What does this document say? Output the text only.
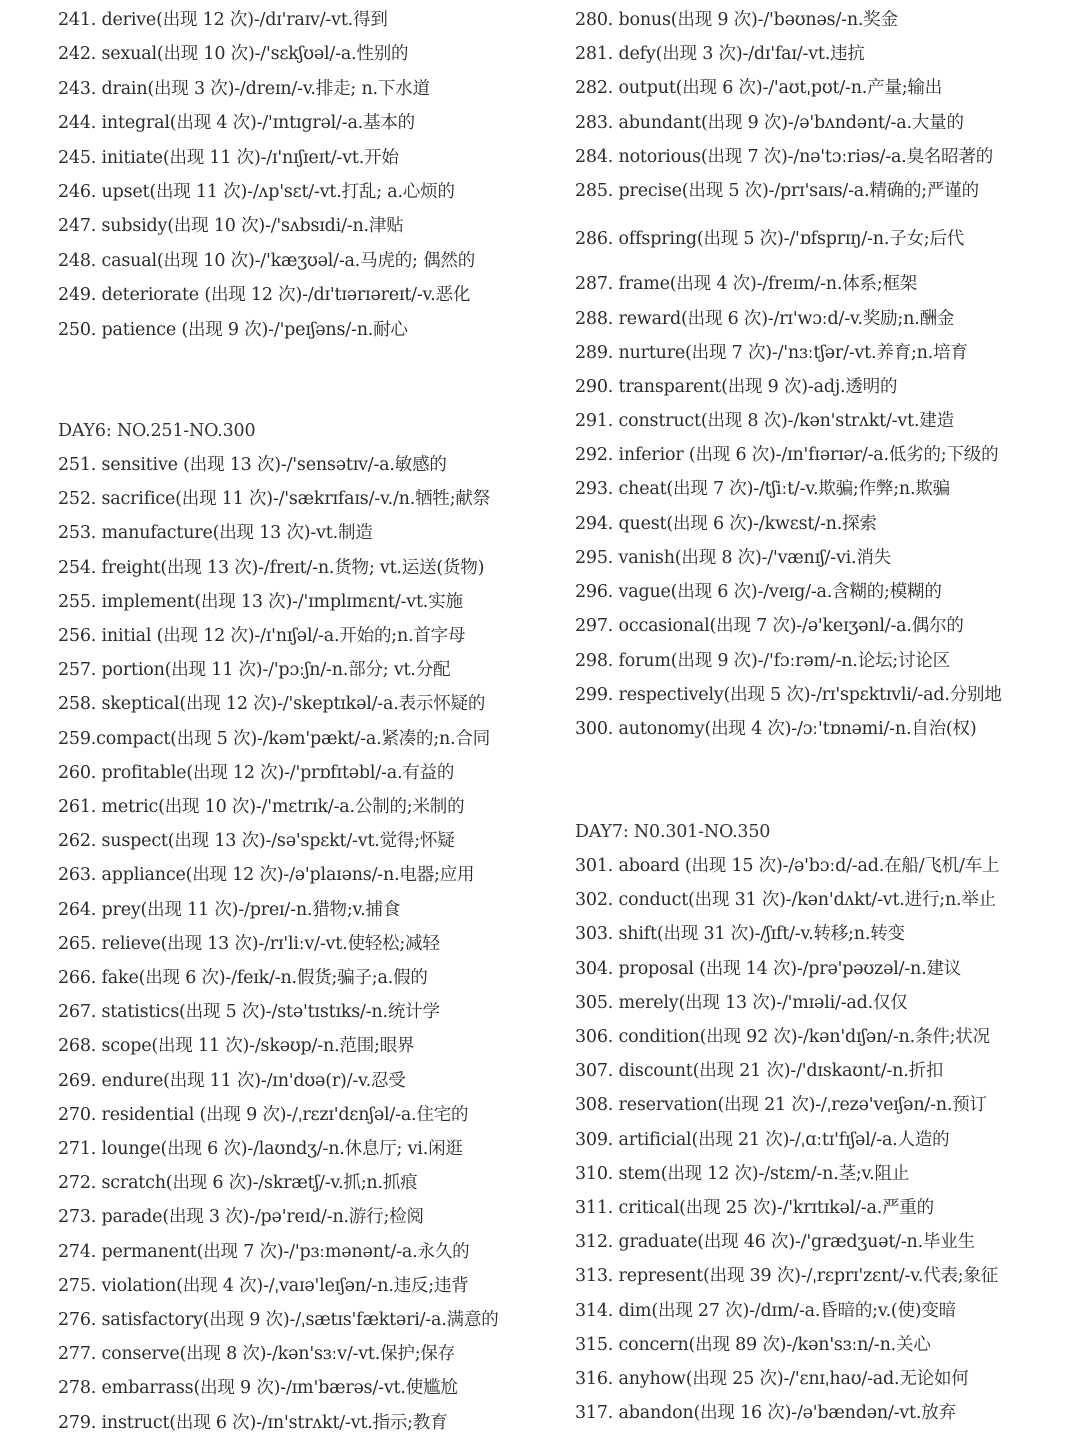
241. derive(出现 12 次)-/dɪ'raɪv/-vt.得到
242. sexual(出现 10 次)-/'sεkʃʊəl/-a.性别的
243. drain(出现 3 次)-/dreɪn/-v.排走; n.下水道
244. integral(出现 4 次)-/'ɪntɪgrəl/-a.基本的
245. initiate(出现 11 次)-/ɪ'nɪʃɪeɪt/-vt.开始
246. upset(出现 11 次)-/ʌp'sεt/-vt.打乱; a.心烦的
247. subsidy(出现 10 次)-/'sʌbsɪdi/-n.津贴
248. casual(出现 10 次)-/'kæʒʊəl/-a.马虎的; 偶然的
249. deteriorate (出现 12 次)-/dɪ'tɪərɪəreɪt/-v.恶化
250. patience (出现 9 次)-/'peɪʃəns/-n.耐心
DAY6: NO.251-NO.300
251. sensitive (出现 13 次)-/'sensətɪv/-a.敏感的
252. sacrifice(出现 11 次)-/'sækrɪfaɪs/-v./n.牺牲;献祭
253. manufacture(出现 13 次)-vt.制造
254. freight(出现 13 次)-/freɪt/-n.货物; vt.运送(货物)
255. implement(出现 13 次)-/'ɪmplɪmεnt/-vt.实施
256. initial (出现 12 次)-/ɪ'nɪʃəl/-a.开始的;n.首字母
257. portion(出现 11 次)-/'pɔːʃn/-n.部分; vt.分配
258. skeptical(出现 12 次)-/'skeptɪkəl/-a.表示怀疑的
259.compact(出现 5 次)-/kəm'pækt/-a.紧凑的;n.合同
260. profitable(出现 12 次)-/'prɒfɪtəbl/-a.有益的
261. metric(出现 10 次)-/'mεtrɪk/-a.公制的;米制的
262. suspect(出现 13 次)-/sə'spεkt/-vt.觉得;怀疑
263. appliance(出现 12 次)-/ə'plaɪəns/-n.电器;应用
264. prey(出现 11 次)-/preɪ/-n.猎物;v.捕食
265. relieve(出现 13 次)-/rɪ'liːv/-vt.使轻松;减轻
266. fake(出现 6 次)-/feɪk/-n.假货;骗子;a.假的
267. statistics(出现 5 次)-/stə'tɪstɪks/-n.统计学
268. scope(出现 11 次)-/skəʊp/-n.范围;眼界
269. endure(出现 11 次)-/ɪn'dʊə(r)/-v.忍受
270. residential (出现 9 次)-/ˌrεzɪ'dεnʃəl/-a.住宅的
271. lounge(出现 6 次)-/laʊndʒ/-n.休息厅; vi.闲逛
272. scratch(出现 6 次)-/skrætʃ/-v.抓;n.抓痕
273. parade(出现 3 次)-/pə'reɪd/-n.游行;检阅
274. permanent(出现 7 次)-/'pɜːmənənt/-a.永久的
275. violation(出现 4 次)-/ˌvaɪə'leɪʃən/-n.违反;违背
276. satisfactory(出现 9 次)-/ˌsætɪs'fæktəri/-a.满意的
277. conserve(出现 8 次)-/kən'sɜːv/-vt.保护;保存
278. embarrass(出现 9 次)-/ɪm'bærəs/-vt.使尴尬
279. instruct(出现 6 次)-/ɪn'strʌkt/-vt.指示;教育
280. bonus(出现 9 次)-/'bəʊnəs/-n.奖金
281. defy(出现 3 次)-/dɪ'faɪ/-vt.违抗
282. output(出现 6 次)-/'aʊtˌpʊt/-n.产量;输出
283. abundant(出现 9 次)-/ə'bʌndənt/-a.大量的
284. notorious(出现 7 次)-/nə'tɔːriəs/-a.臭名昭著的
285. precise(出现 5 次)-/prɪ'saɪs/-a.精确的;严谨的
286. offspring(出现 5 次)-/'ɒfsprɪŋ/-n.子女;后代
287. frame(出现 4 次)-/freɪm/-n.体系;框架
288. reward(出现 6 次)-/rɪ'wɔːd/-v.奖励;n.酬金
289. nurture(出现 7 次)-/'nɜːtʃər/-vt.养育;n.培育
290. transparent(出现 9 次)-adj.透明的
291. construct(出现 8 次)-/kən'strʌkt/-vt.建造
292. inferior (出现 6 次)-/ɪn'fɪərɪər/-a.低劣的;下级的
293. cheat(出现 7 次)-/tʃiːt/-v.欺骗;作弊;n.欺骗
294. quest(出现 6 次)-/kwεst/-n.探索
295. vanish(出现 8 次)-/'vænɪʃ/-vi.消失
296. vague(出现 6 次)-/veɪg/-a.含糊的;模糊的
297. occasional(出现 7 次)-/ə'keɪʒənl/-a.偶尔的
298. forum(出现 9 次)-/'fɔːrəm/-n.论坛;讨论区
299. respectively(出现 5 次)-/rɪ'spεktɪvli/-ad.分别地
300. autonomy(出现 4 次)-/ɔː'tɒnəmi/-n.自治(权)
DAY7: N0.301-NO.350
301. aboard (出现 15 次)-/ə'bɔːd/-ad.在船/飞机/车上
302. conduct(出现 31 次)-/kən'dʌkt/-vt.进行;n.举止
303. shift(出现 31 次)-/ʃɪft/-v.转移;n.转变
304. proposal (出现 14 次)-/prə'pəʊzəl/-n.建议
305. merely(出现 13 次)-/'mɪəli/-ad.仅仅
306. condition(出现 92 次)-/kən'dɪʃən/-n.条件;状况
307. discount(出现 21 次)-/'dɪskaʊnt/-n.折扣
308. reservation(出现 21 次)-/ˌrezə'veɪʃən/-n.预订
309. artificial(出现 21 次)-/ˌɑːtɪ'fɪʃəl/-a.人造的
310. stem(出现 12 次)-/stεm/-n.茎;v.阻止
311. critical(出现 25 次)-/'krɪtɪkəl/-a.严重的
312. graduate(出现 46 次)-/'grædʒuət/-n.毕业生
313. represent(出现 39 次)-/ˌrεprɪ'zεnt/-v.代表;象征
314. dim(出现 27 次)-/dɪm/-a.昏暗的;v.(使)变暗
315. concern(出现 89 次)-/kən'sɜːn/-n.关心
316. anyhow(出现 25 次)-/'εnɪˌhaʊ/-ad.无论如何
317. abandon(出现 16 次)-/ə'bændən/-vt.放弃
